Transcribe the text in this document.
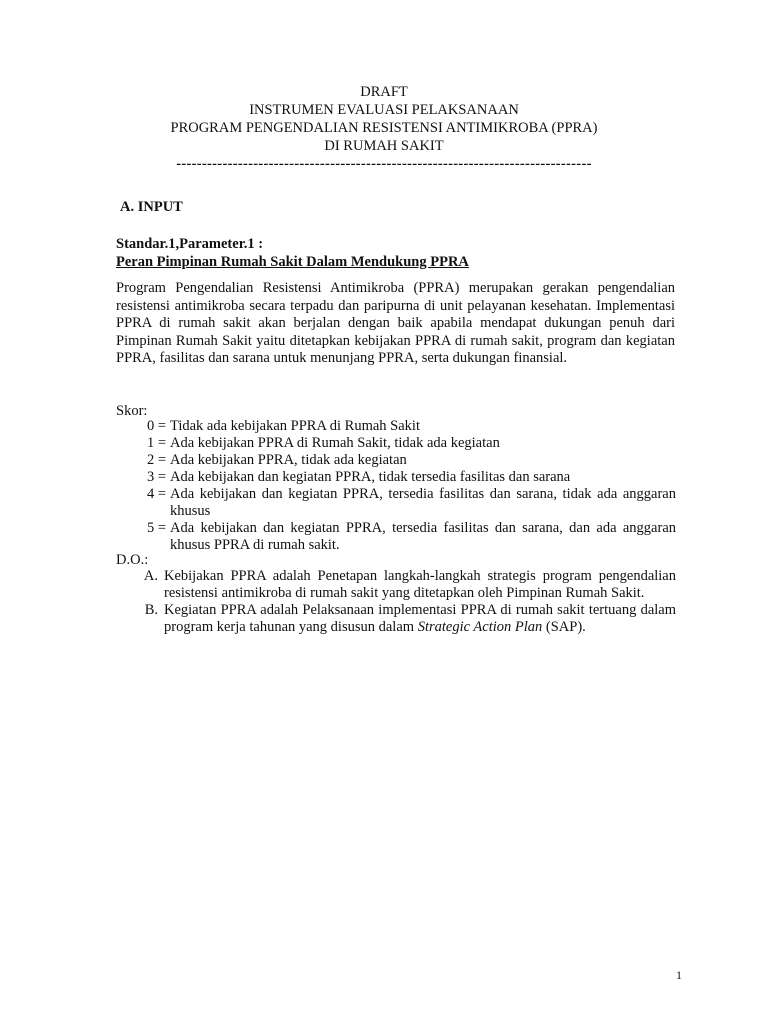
DRAFT
INSTRUMEN EVALUASI PELAKSANAAN
PROGRAM PENGENDALIAN RESISTENSI ANTIMIKROBA (PPRA)
DI RUMAH SAKIT
---------------------------------------------------------------------------------
A. INPUT
Standar.1,Parameter.1 :
Peran Pimpinan Rumah Sakit Dalam Mendukung PPRA
Program Pengendalian Resistensi Antimikroba (PPRA) merupakan gerakan pengendalian resistensi antimikroba secara terpadu dan paripurna di unit pelayanan kesehatan. Implementasi PPRA di rumah sakit akan berjalan dengan baik apabila mendapat dukungan penuh dari Pimpinan Rumah Sakit yaitu ditetapkan kebijakan PPRA di rumah sakit, program dan kegiatan PPRA, fasilitas dan sarana untuk menunjang PPRA, serta dukungan finansial.
Skor:
0 = Tidak ada kebijakan PPRA di Rumah Sakit
1 = Ada kebijakan PPRA di Rumah Sakit, tidak ada kegiatan
2 = Ada kebijakan PPRA, tidak ada kegiatan
3 = Ada kebijakan dan kegiatan PPRA, tidak tersedia fasilitas dan sarana
4 = Ada kebijakan dan kegiatan PPRA, tersedia fasilitas dan sarana, tidak ada anggaran khusus
5 = Ada kebijakan dan kegiatan PPRA, tersedia fasilitas dan sarana, dan ada anggaran khusus PPRA di rumah sakit.
D.O.:
A. Kebijakan PPRA adalah Penetapan langkah-langkah strategis program pengendalian resistensi antimikroba di rumah sakit yang ditetapkan oleh Pimpinan Rumah Sakit.
B. Kegiatan PPRA adalah Pelaksanaan implementasi PPRA di rumah sakit tertuang dalam program kerja tahunan yang disusun dalam Strategic Action Plan (SAP).
1
